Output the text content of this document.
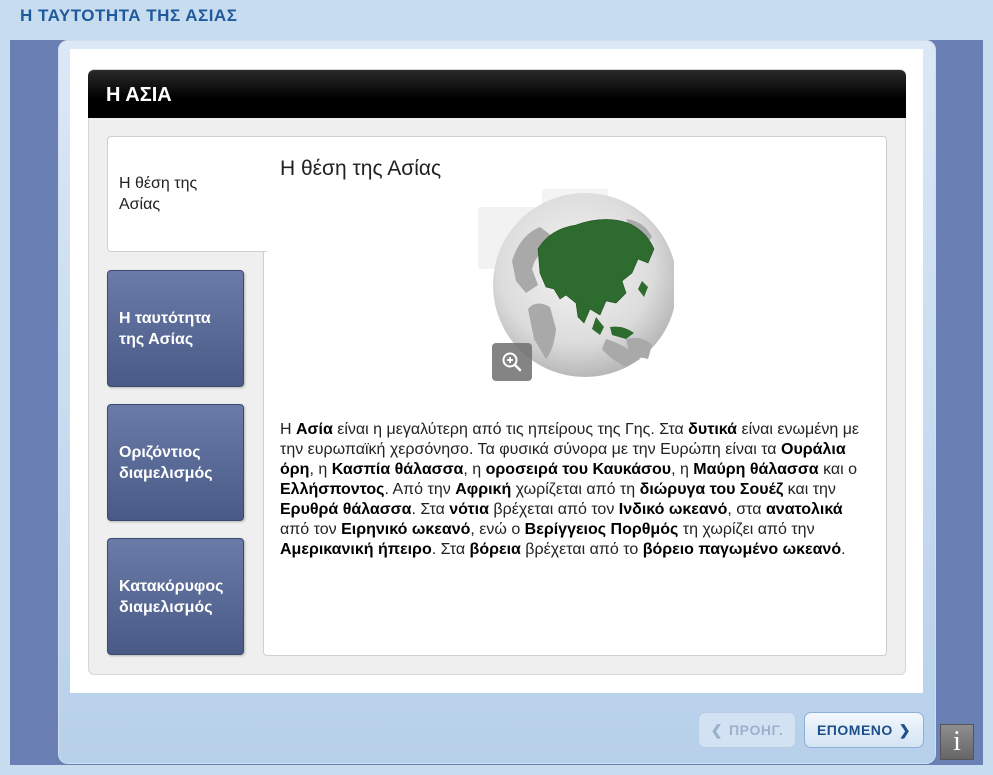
Η ΤΑΥΤΟΤΗΤΑ ΤΗΣ ΑΣΙΑΣ
Η ΑΣΙΑ
Η θέση της Ασίας
Η ταυτότητα της Ασίας
Οριζόντιος διαμελισμός
Κατακόρυφος διαμελισμός
Η θέση της Ασίας
Η Ασία είναι η μεγαλύτερη από τις ηπείρους της Γης. Στα δυτικά είναι ενωμένη με την ευρωπαϊκή χερσόνησο. Τα φυσικά σύνορα με την Ευρώπη είναι τα Ουράλια όρη, η Κασπία θάλασσα, η οροσειρά του Καυκάσου, η Μαύρη θάλασσα και ο Ελλήσποντος. Από την Αφρική χωρίζεται από τη διώρυγα του Σουέζ και την Ερυθρά θάλασσα. Στα νότια βρέχεται από τον Ινδικό ωκεανό, στα ανατολικά από τον Ειρηνικό ωκεανό, ενώ ο Βερίγγειος Πορθμός τη χωρίζει από την Αμερικανική ήπειρο. Στα βόρεια βρέχεται από το βόρειο παγωμένο ωκεανό.
❮ ΠΡΟΗΓ. ΕΠΟΜΕΝΟ ❯ i
